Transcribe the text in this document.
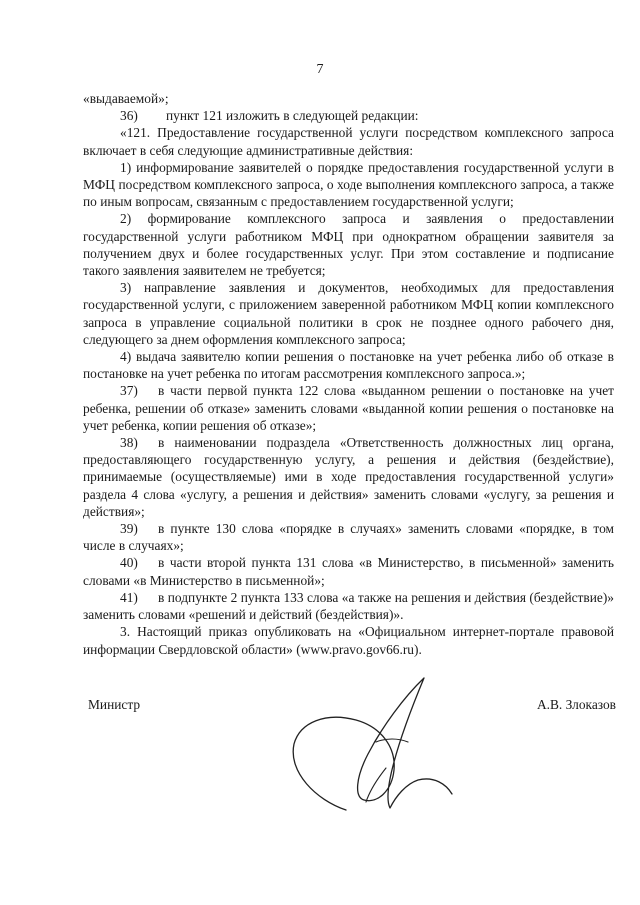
7

«выдаваемой»;

36) пункт 121 изложить в следующей редакции:

«121. Предоставление государственной услуги посредством комплексного запроса включает в себя следующие административные действия:

1) информирование заявителей о порядке предоставления государственной услуги в МФЦ посредством комплексного запроса, о ходе выполнения комплексного запроса, а также по иным вопросам, связанным с предоставлением государственной услуги;

2) формирование комплексного запроса и заявления о предоставлении государственной услуги работником МФЦ при однократном обращении заявителя за получением двух и более государственных услуг. При этом составление и подписание такого заявления заявителем не требуется;

3) направление заявления и документов, необходимых для предоставления государственной услуги, с приложением заверенной работником МФЦ копии комплексного запроса в управление социальной политики в срок не позднее одного рабочего дня, следующего за днем оформления комплексного запроса;

4) выдача заявителю копии решения о постановке на учет ребенка либо об отказе в постановке на учет ребенка по итогам рассмотрения комплексного запроса.»;

37) в части первой пункта 122 слова «выданном решении о постановке на учет ребенка, решении об отказе» заменить словами «выданной копии решения о постановке на учет ребенка, копии решения об отказе»;

38) в наименовании подраздела «Ответственность должностных лиц органа, предоставляющего государственную услугу, а решения и действия (бездействие), принимаемые (осуществляемые) ими в ходе предоставления государственной услуги» раздела 4 слова «услугу, а решения и действия» заменить словами «услугу, за решения и действия»;

39) в пункте 130 слова «порядке в случаях» заменить словами «порядке, в том числе в случаях»;

40) в части второй пункта 131 слова «в Министерство, в письменной» заменить словами «в Министерство в письменной»;

41) в подпункте 2 пункта 133 слова «а также на решения и действия (бездействие)» заменить словами «решений и действий (бездействия)».

3. Настоящий приказ опубликовать на «Официальном интернет-портале правовой информации Свердловской области» (www.pravo.gov66.ru).

Министр	А.В. Злоказов
